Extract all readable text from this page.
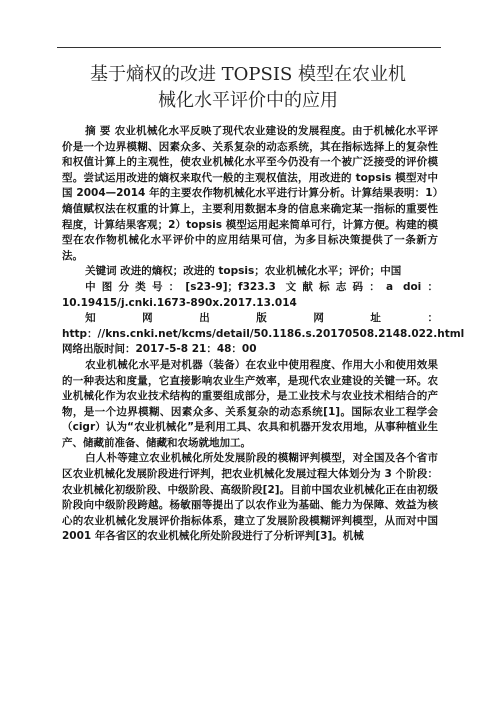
基于熵权的改进 TOPSIS 模型在农业机
械化水平评价中的应用

摘 要 农业机械化水平反映了现代农业建设的发展程度。由于机械化水平评价是一个边界模糊、因素众多、关系复杂的动态系统，其在指标选择上的复杂性和权值计算上的主观性，使农业机械化水平至今仍没有一个被广泛接受的评价模型。尝试运用改进的熵权来取代一般的主观权值法，用改进的 topsis 模型对中国 2004—2014 年的主要农作物机械化水平进行计算分析。计算结果表明：1）熵值赋权法在权重的计算上，主要利用数据本身的信息来确定某一指标的重要性程度，计算结果客观；2）topsis 模型运用起来简单可行，计算方便。构建的模型在农作物机械化水平评价中的应用结果可信，为多目标决策提供了一条新方法。

关键词 改进的熵权；改进的 topsis；农业机械化水平；评价；中国

中图分类号：[s23-9]；f323.3 文献标志码：a doi：10.19415/j.cnki.1673-890x.2017.13.014

知网出版网址：http：//kns.cnki.net/kcms/detail/50.1186.s.20170508.2148.022.html 网络出版时间：2017-5-8 21：48：00

农业机械化水平是对机器（装备）在农业中使用程度、作用大小和使用效果的一种表达和度量，它直接影响农业生产效率，是现代农业建设的关键一环。农业机械化作为农业技术结构的重要组成部分，是工业技术与农业技术相结合的产物，是一个边界模糊、因素众多、关系复杂的动态系统[1]。国际农业工程学会（cigr）认为“农业机械化”是利用工具、农具和机器开发农用地，从事种植业生产、储藏前准备、储藏和农场就地加工。

白人朴等建立农业机械化所处发展阶段的模糊评判模型，对全国及各个省市区农业机械化发展阶段进行评判，把农业机械化发展过程大体划分为 3 个阶段：农业机械化初级阶段、中级阶段、高级阶段[2]。目前中国农业机械化正在由初级阶段向中级阶段跨越。杨敏丽等提出了以农作业为基础、能力为保障、效益为核心的农业机械化发展评价指标体系，建立了发展阶段模糊评判模型，从而对中国 2001 年各省区的农业机械化所处阶段进行了分析评判[3]。机械
